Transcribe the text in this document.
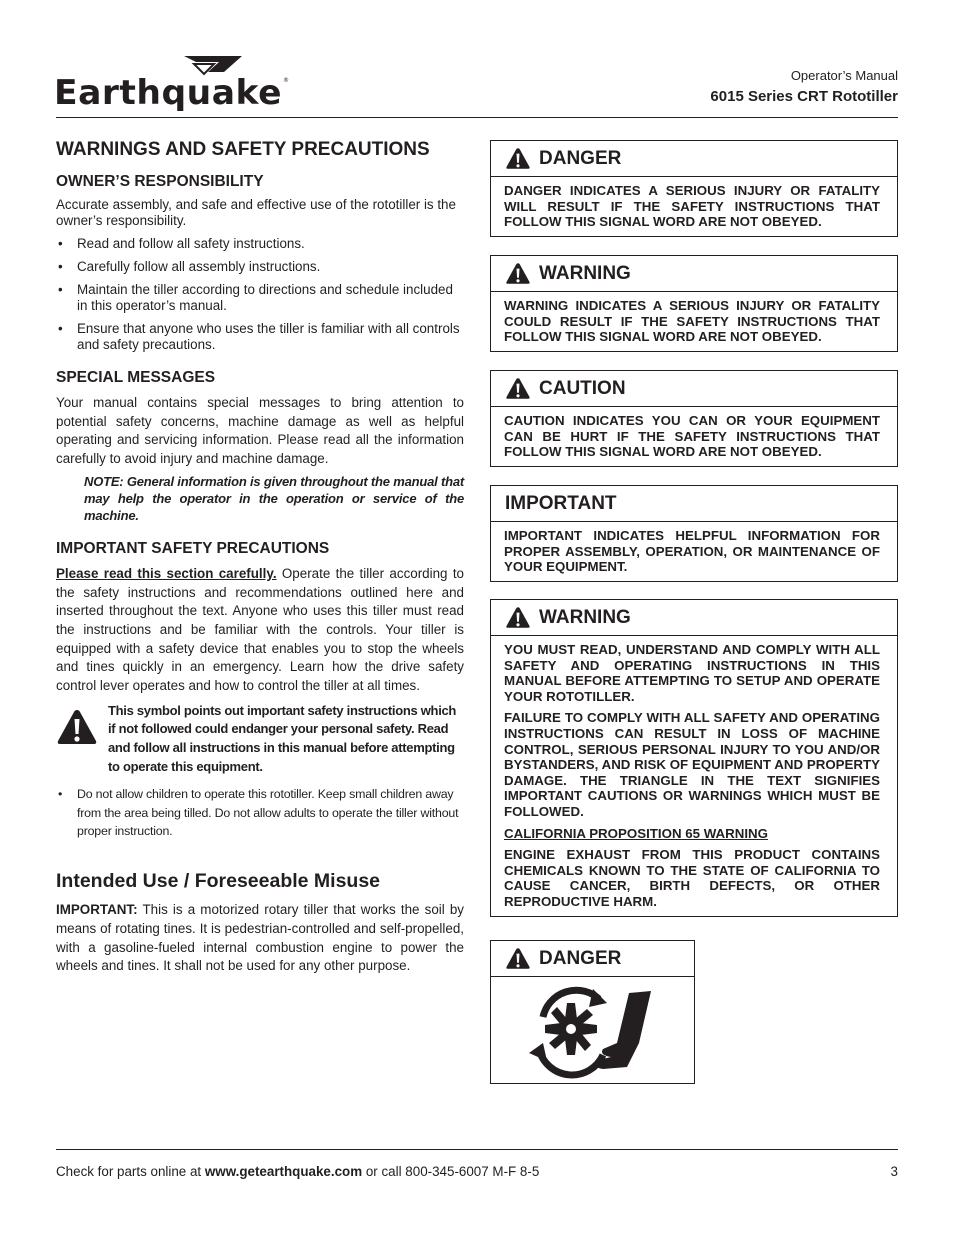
Earthquake ®	Operator’s Manual
6015 Series CRT Rototiller
WARNINGS AND SAFETY PRECAUTIONS
OWNER’S RESPONSIBILITY
Accurate assembly, and safe and effective use of the rototiller is the owner’s responsibility.
• Read and follow all safety instructions.
• Carefully follow all assembly instructions.
• Maintain the tiller according to directions and schedule included in this operator’s manual.
• Ensure that anyone who uses the tiller is familiar with all controls and safety precautions.
SPECIAL MESSAGES
Your manual contains special messages to bring attention to potential safety concerns, machine damage as well as helpful operating and servicing information. Please read all the information carefully to avoid injury and machine damage.
NOTE: General information is given throughout the manual that may help the operator in the operation or service of the machine.
IMPORTANT SAFETY PRECAUTIONS
Please read this section carefully. Operate the tiller according to the safety instructions and recommendations outlined here and inserted throughout the text. Anyone who uses this tiller must read the instructions and be familiar with the controls. Your tiller is equipped with a safety device that enables you to stop the wheels and tines quickly in an emergency. Learn how the drive safety control lever operates and how to control the tiller at all times.
This symbol points out important safety instructions which if not followed could endanger your personal safety. Read and follow all instructions in this manual before attempting to operate this equipment.
• Do not allow children to operate this rototiller. Keep small children away from the area being tilled. Do not allow adults to operate the tiller without proper instruction.
Intended Use / Foreseeable Misuse
IMPORTANT: This is a motorized rotary tiller that works the soil by means of rotating tines. It is pedestrian-controlled and self-propelled, with a gasoline-fueled internal combustion engine to power the wheels and tines. It shall not be used for any other purpose.
DANGER
DANGER INDICATES A SERIOUS INJURY OR FATALITY WILL RESULT IF THE SAFETY INSTRUCTIONS THAT FOLLOW THIS SIGNAL WORD ARE NOT OBEYED.
WARNING
WARNING INDICATES A SERIOUS INJURY OR FATALITY COULD RESULT IF THE SAFETY INSTRUCTIONS THAT FOLLOW THIS SIGNAL WORD ARE NOT OBEYED.
CAUTION
CAUTION INDICATES YOU CAN OR YOUR EQUIPMENT CAN BE HURT IF THE SAFETY INSTRUCTIONS THAT FOLLOW THIS SIGNAL WORD ARE NOT OBEYED.
IMPORTANT
IMPORTANT INDICATES HELPFUL INFORMATION FOR PROPER ASSEMBLY, OPERATION, OR MAINTENANCE OF YOUR EQUIPMENT.
WARNING

YOU MUST READ, UNDERSTAND AND COMPLY WITH ALL SAFETY AND OPERATING INSTRUCTIONS IN THIS MANUAL BEFORE ATTEMPTING TO SETUP AND OPERATE YOUR ROTOTILLER.

FAILURE TO COMPLY WITH ALL SAFETY AND OPERATING INSTRUCTIONS CAN RESULT IN LOSS OF MACHINE CONTROL, SERIOUS PERSONAL INJURY TO YOU AND/OR BYSTANDERS, AND RISK OF EQUIPMENT AND PROPERTY DAMAGE. THE TRIANGLE IN THE TEXT SIGNIFIES IMPORTANT CAUTIONS OR WARNINGS WHICH MUST BE FOLLOWED.

CALIFORNIA PROPOSITION 65 WARNING

ENGINE EXHAUST FROM THIS PRODUCT CONTAINS CHEMICALS KNOWN TO THE STATE OF CALIFORNIA TO CAUSE CANCER, BIRTH DEFECTS, OR OTHER REPRODUCTIVE HARM.

DANGER
Check for parts online at www.getearthquake.com or call 800-345-6007 M-F 8-5	3
